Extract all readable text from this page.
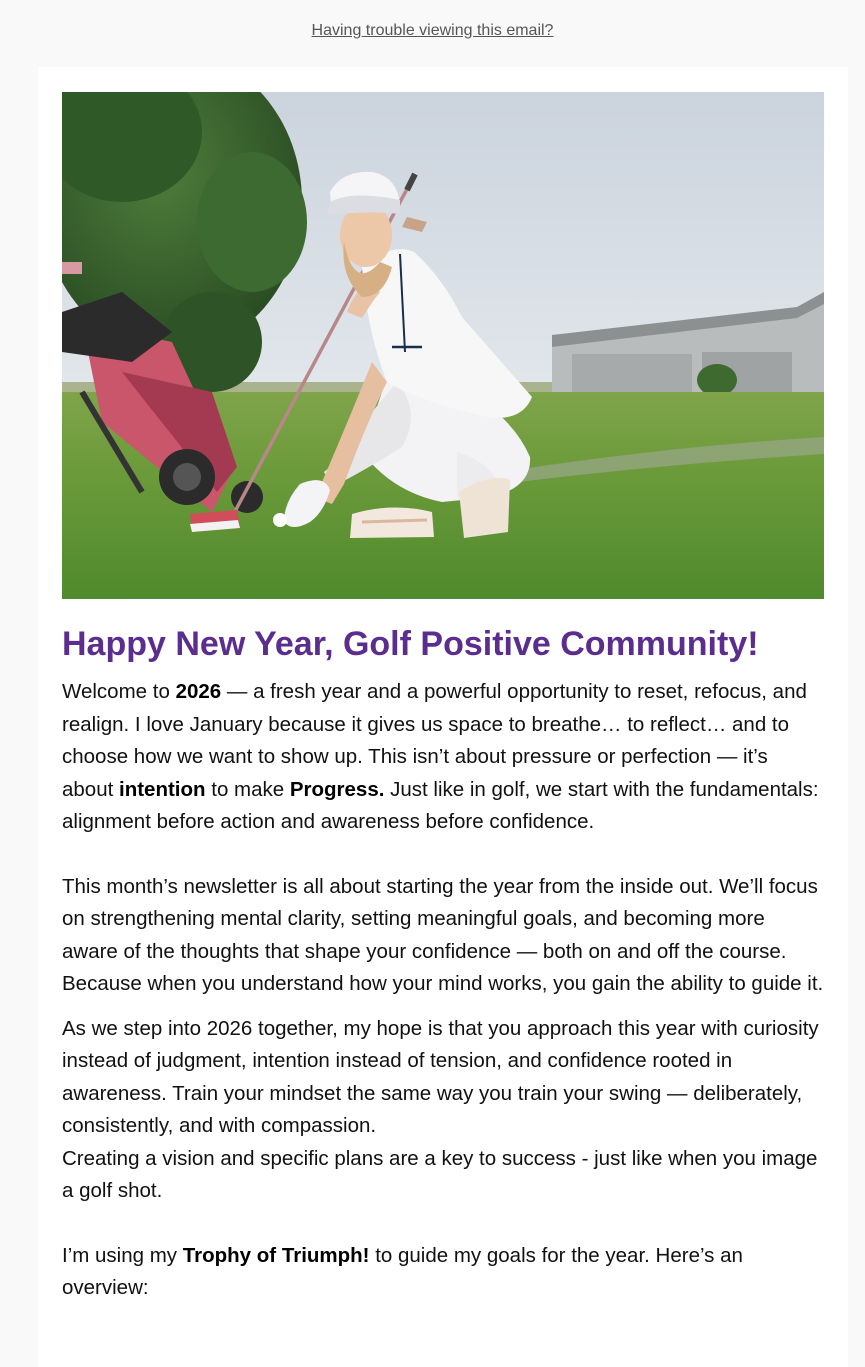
Having trouble viewing this email?
Happy New Year, Golf Positive Community!

Welcome to 2026 — a fresh year and a powerful opportunity to reset, refocus, and realign. I love January because it gives us space to breathe… to reflect… and to choose how we want to show up. This isn’t about pressure or perfection — it’s about intention to make Progress. Just like in golf, we start with the fundamentals: alignment before action and awareness before confidence.

This month’s newsletter is all about starting the year from the inside out. We’ll focus on strengthening mental clarity, setting meaningful goals, and becoming more aware of the thoughts that shape your confidence — both on and off the course. Because when you understand how your mind works, you gain the ability to guide it.

As we step into 2026 together, my hope is that you approach this year with curiosity instead of judgment, intention instead of tension, and confidence rooted in awareness. Train your mindset the same way you train your swing — deliberately, consistently, and with compassion.

Creating a vision and specific plans are a key to success - just like when you image a golf shot.

I’m using my Trophy of Triumph! to guide my goals for the year. Here’s an overview:
